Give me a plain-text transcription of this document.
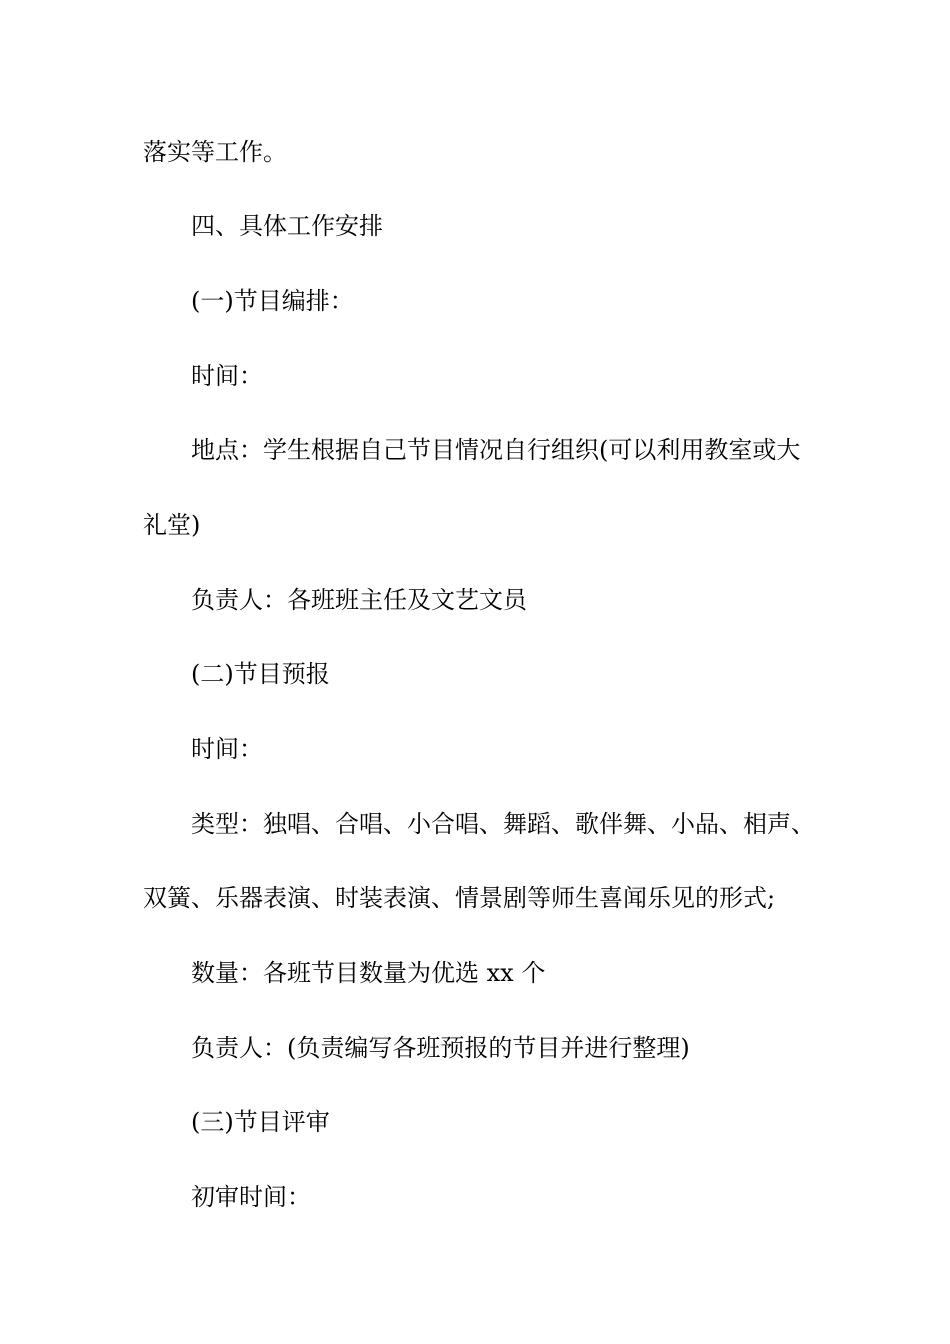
落实等工作。
四、具体工作安排
(一)节目编排：
时间：
地点：学生根据自己节目情况自行组织(可以利用教室或大
礼堂)
负责人：各班班主任及文艺文员
(二)节目预报
时间：
类型：独唱、合唱、小合唱、舞蹈、歌伴舞、小品、相声、
双簧、乐器表演、时装表演、情景剧等师生喜闻乐见的形式;
数量：各班节目数量为优选 xx 个
负责人：(负责编写各班预报的节目并进行整理)
(三)节目评审
初审时间：
